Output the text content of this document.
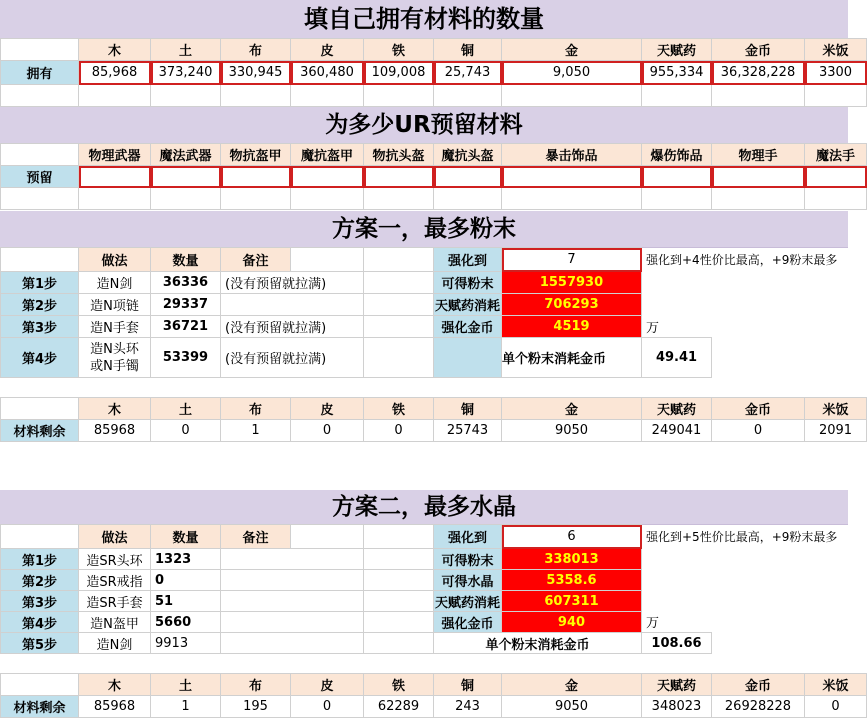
填自己拥有材料的数量
	木	土	布	皮	铁	铜	金	天赋药	金币	米饭
拥有	85,968	373,240	330,945	360,480	109,008	25,743	9,050	955,334	36,328,228	3300

为多少UR预留材料
	物理武器	魔法武器	物抗盔甲	魔抗盔甲	物抗头盔	魔抗头盔	暴击饰品	爆伤饰品	物理手	魔法手
预留										

方案一，最多粉末
	做法	数量	备注			强化到	7	强化到+4性价比最高，+9粉末最多		
第1步	造N剑	36336	(没有预留就拉满)			可得粉末	1557930			
第2步	造N项链	29337				天赋药消耗	706293			
第3步	造N手套	36721	(没有预留就拉满)			强化金币	4519	万		
第4步	造N头环或N手镯	53399	(没有预留就拉满)				单个粉末消耗金币	49.41		

	木	土	布	皮	铁	铜	金	天赋药	金币	米饭
材料剩余	85968	0	1	0	0	25743	9050	249041	0	2091
方案二，最多水晶
	做法	数量	备注			强化到	6	强化到+5性价比最高，+9粉末最多		
第1步	造SR头环	1323				可得粉末	338013			
第2步	造SR戒指	0				可得水晶	5358.6			
第3步	造SR手套	51				天赋药消耗	607311			
第4步	造N盔甲	5660				强化金币	940	万		
第5步	造N剑	9913				单个粉末消耗金币		108.66		

	木	土	布	皮	铁	铜	金	天赋药	金币	米饭
材料剩余	85968	1	195	0	62289	243	9050	348023	26928228	0
